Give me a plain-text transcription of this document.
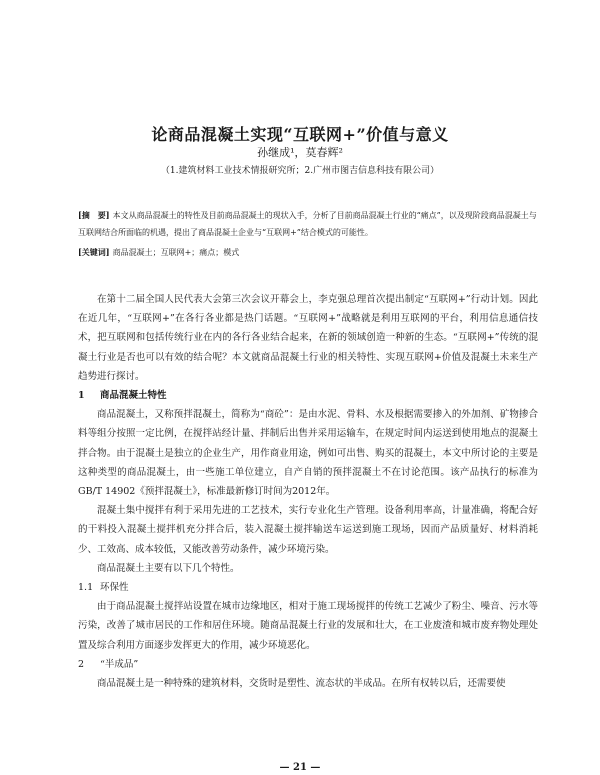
论商品混凝土实现“互联网+”价值与意义
孙继成¹，莫春辉²
（1.建筑材料工业技术情报研究所；2.广州市图吉信息科技有限公司）
[摘　要] 本文从商品混凝土的特性及目前商品混凝土的现状入手，分析了目前商品混凝土行业的“痛点”，以及现阶段商品混凝土与互联网结合所面临的机遇，提出了商品混凝土企业与“互联网+”结合模式的可能性。
[关键词] 商品混凝土；互联网+；痛点；模式

在第十二届全国人民代表大会第三次会议开幕会上，李克强总理首次提出制定“互联网+”行动计划。因此在近几年，“互联网+”在各行各业都是热门话题。“互联网+”战略就是利用互联网的平台，利用信息通信技术，把互联网和包括传统行业在内的各行各业结合起来，在新的领域创造一种新的生态。“互联网+”传统的混凝土行业是否也可以有效的结合呢？本文就商品混凝土行业的相关特性、实现互联网+价值及混凝土未来生产趋势进行探讨。

1 商品混凝土特性

商品混凝土，又称预拌混凝土，简称为“商砼”：是由水泥、骨料、水及根据需要掺入的外加剂、矿物掺合料等组分按照一定比例，在搅拌站经计量、拌制后出售并采用运输车，在规定时间内运送到使用地点的混凝土拌合物。由于混凝土是独立的企业生产，用作商业用途，例如可出售、购买的混凝土，本文中所讨论的主要是这种类型的商品混凝土，由一些施工单位建立，自产自销的预拌混凝土不在讨论范围。该产品执行的标准为GB/T 14902《预拌混凝土》，标准最新修订时间为2012年。

混凝土集中搅拌有利于采用先进的工艺技术，实行专业化生产管理。设备利用率高，计量准确，将配合好的干料投入混凝土搅拌机充分拌合后，装入混凝土搅拌输送车运送到施工现场，因而产品质量好、材料消耗少、工效高、成本较低，又能改善劳动条件，减少环境污染。

商品混凝土主要有以下几个特性。

1.1 环保性

由于商品混凝土搅拌站设置在城市边缘地区，相对于施工现场搅拌的传统工艺减少了粉尘、噪音、污水等污染，改善了城市居民的工作和居住环境。随商品混凝土行业的发展和壮大，在工业废渣和城市废弃物处理处置及综合利用方面逐步发挥更大的作用，减少环境恶化。

2 “半成品”

商品混凝土是一种特殊的建筑材料，交货时是塑性、流态状的半成品。在所有权转以后，还需要使

— 21 —
